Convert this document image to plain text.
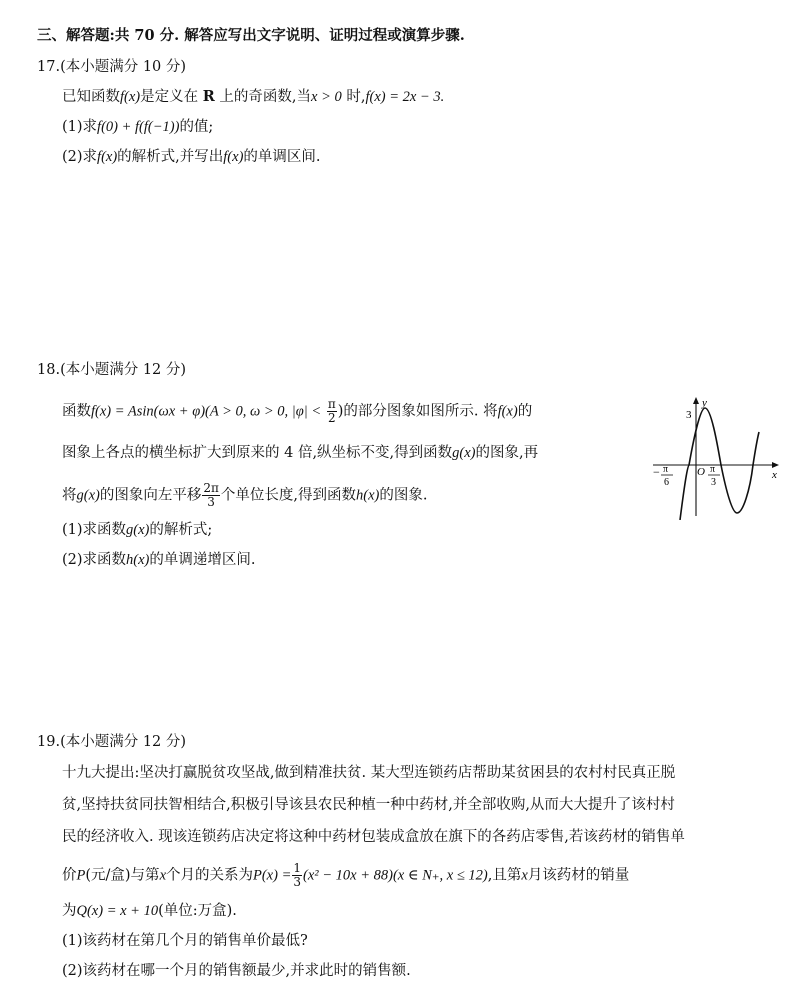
三、解答题:共 70 分. 解答应写出文字说明、证明过程或演算步骤.
17.(本小题满分 10 分)
已知函数f(x)是定义在 R 上的奇函数,当x > 0 时,f(x) = 2x − 3.
(1)求f(0) + f(f(−1))的值;
(2)求f(x)的解析式,并写出f(x)的单调区间.
18.(本小题满分 12 分)
函数f(x) = Asin(ωx + φ)(A > 0, ω > 0, $|\varphi| < \frac{\pi}{2}$ )的部分图象如图所示. 将f(x)的
图象上各点的横坐标扩大到原来的 4 倍,纵坐标不变,得到函数g(x)的图象,再
将g(x)的图象向左平移 $\frac{2\pi}{3}$ 个单位长度,得到函数h(x)的图象.
(1)求函数g(x)的解析式;
(2)求函数h(x)的单调递增区间.
y
x
3
O
− π
6
π
3
19.(本小题满分 12 分)
十九大提出:坚决打赢脱贫攻坚战,做到精准扶贫. 某大型连锁药店帮助某贫困县的农村村民真正脱
贫,坚持扶贫同扶智相结合,积极引导该县农民种植一种中药材,并全部收购,从而大大提升了该村村
民的经济收入. 现该连锁药店决定将这种中药材包装成盒放在旗下的各药店零售,若该药材的销售单
价P(元/盒)与第x个月的关系为$P(x) = \frac{1}{3} (x^2 - 10x + 88)(x$ ∈ N₊, x ≤ 12),且第x月该药材的销量
为Q(x) = x + 10(单位:万盒).
(1)该药材在第几个月的销售单价最低?
(2)该药材在哪一个月的销售额最少,并求此时的销售额.
